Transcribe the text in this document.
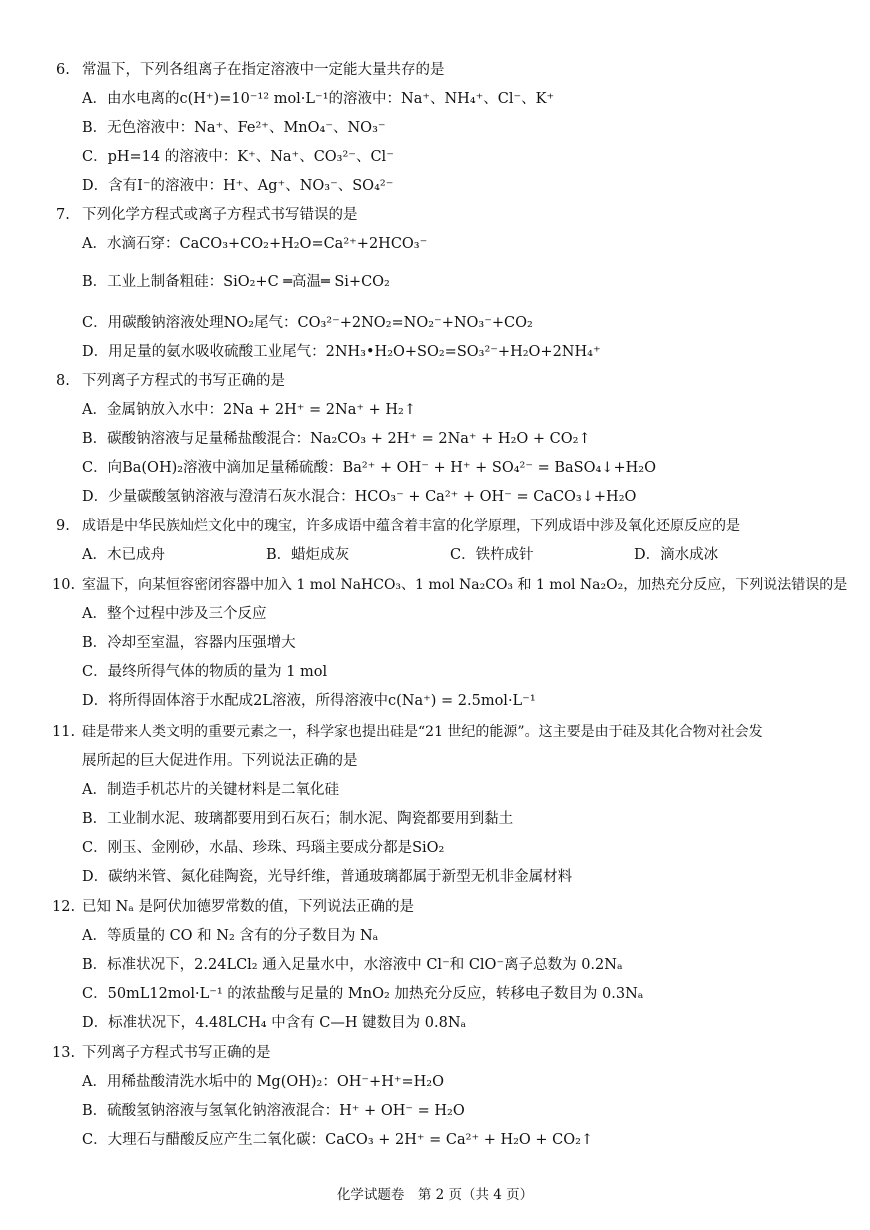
6. 常温下，下列各组离子在指定溶液中一定能大量共存的是
A．由水电离的c(H⁺)=10⁻¹² mol·L⁻¹的溶液中：Na⁺、NH₄⁺、Cl⁻、K⁺
B．无色溶液中：Na⁺、Fe²⁺、MnO₄⁻、NO₃⁻
C．pH=14 的溶液中：K⁺、Na⁺、CO₃²⁻、Cl⁻
D．含有I⁻的溶液中：H⁺、Ag⁺、NO₃⁻、SO₄²⁻
7. 下列化学方程式或离子方程式书写错误的是
A．水滴石穿：CaCO₃+CO₂+H₂O=Ca²⁺+2HCO₃⁻
B．工业上制备粗硅：SiO₂+C ═高温═ Si+CO₂
C．用碳酸钠溶液处理NO₂尾气：CO₃²⁻+2NO₂=NO₂⁻+NO₃⁻+CO₂
D．用足量的氨水吸收硫酸工业尾气：2NH₃•H₂O+SO₂=SO₃²⁻+H₂O+2NH₄⁺
8. 下列离子方程式的书写正确的是
A．金属钠放入水中：2Na + 2H⁺ = 2Na⁺ + H₂↑
B．碳酸钠溶液与足量稀盐酸混合：Na₂CO₃ + 2H⁺ = 2Na⁺ + H₂O + CO₂↑
C．向Ba(OH)₂溶液中滴加足量稀硫酸：Ba²⁺ + OH⁻ + H⁺ + SO₄²⁻ = BaSO₄↓+H₂O
D．少量碳酸氢钠溶液与澄清石灰水混合：HCO₃⁻ + Ca²⁺ + OH⁻ = CaCO₃↓+H₂O
9. 成语是中华民族灿烂文化中的瑰宝，许多成语中蕴含着丰富的化学原理，下列成语中涉及氧化还原反应的是
A．木已成舟	B．蜡炬成灰	C．铁杵成针	D．滴水成冰
10. 室温下，向某恒容密闭容器中加入 1 mol NaHCO₃、1 mol Na₂CO₃ 和 1 mol Na₂O₂，加热充分反应，下列说法错误的是
A．整个过程中涉及三个反应
B．冷却至室温，容器内压强增大
C．最终所得气体的物质的量为 1 mol
D．将所得固体溶于水配成2L溶液，所得溶液中c(Na⁺) = 2.5mol·L⁻¹
11. 硅是带来人类文明的重要元素之一，科学家也提出硅是“21 世纪的能源”。这主要是由于硅及其化合物对社会发
展所起的巨大促进作用。下列说法正确的是
A．制造手机芯片的关键材料是二氧化硅
B．工业制水泥、玻璃都要用到石灰石；制水泥、陶瓷都要用到黏土
C．刚玉、金刚砂，水晶、珍珠、玛瑙主要成分都是SiO₂
D．碳纳米管、氮化硅陶瓷，光导纤维，普通玻璃都属于新型无机非金属材料
12. 已知 Nₐ 是阿伏加德罗常数的值，下列说法正确的是
A．等质量的 CO 和 N₂ 含有的分子数目为 Nₐ
B．标准状况下，2.24LCl₂ 通入足量水中，水溶液中 Cl⁻和 ClO⁻离子总数为 0.2Nₐ
C．50mL12mol·L⁻¹ 的浓盐酸与足量的 MnO₂ 加热充分反应，转移电子数目为 0.3Nₐ
D．标准状况下，4.48LCH₄ 中含有 C—H 键数目为 0.8Nₐ
13. 下列离子方程式书写正确的是
A．用稀盐酸清洗水垢中的 Mg(OH)₂：OH⁻+H⁺=H₂O
B．硫酸氢钠溶液与氢氧化钠溶液混合：H⁺ + OH⁻ = H₂O
C．大理石与醋酸反应产生二氧化碳：CaCO₃ + 2H⁺ = Ca²⁺ + H₂O + CO₂↑
化学试题卷　第 2 页（共 4 页）
